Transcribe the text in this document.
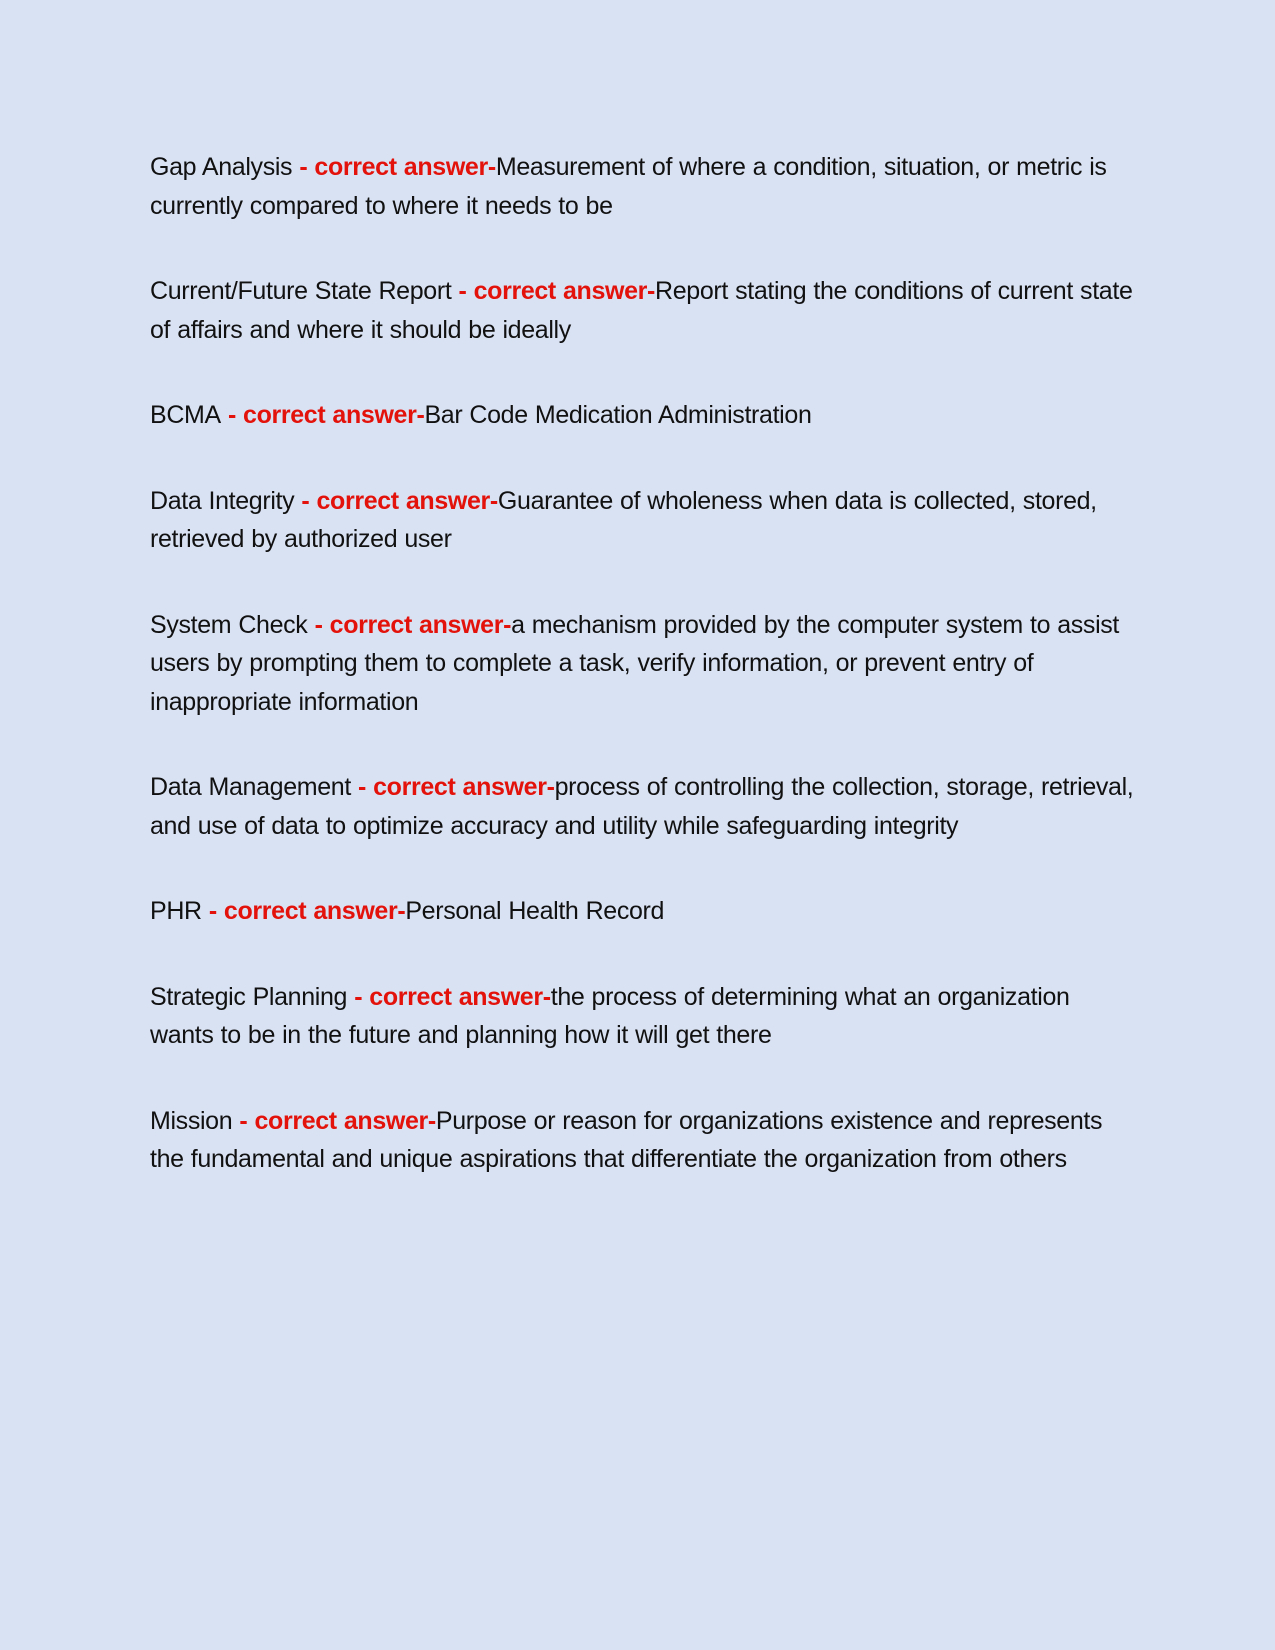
Gap Analysis - correct answer-Measurement of where a condition, situation, or metric is currently compared to where it needs to be

Current/Future State Report - correct answer-Report stating the conditions of current state of affairs and where it should be ideally

BCMA - correct answer-Bar Code Medication Administration

Data Integrity - correct answer-Guarantee of wholeness when data is collected, stored, retrieved by authorized user

System Check - correct answer-a mechanism provided by the computer system to assist users by prompting them to complete a task, verify information, or prevent entry of inappropriate information

Data Management - correct answer-process of controlling the collection, storage, retrieval, and use of data to optimize accuracy and utility while safeguarding integrity

PHR - correct answer-Personal Health Record

Strategic Planning - correct answer-the process of determining what an organization wants to be in the future and planning how it will get there

Mission - correct answer-Purpose or reason for organizations existence and represents the fundamental and unique aspirations that differentiate the organization from others
